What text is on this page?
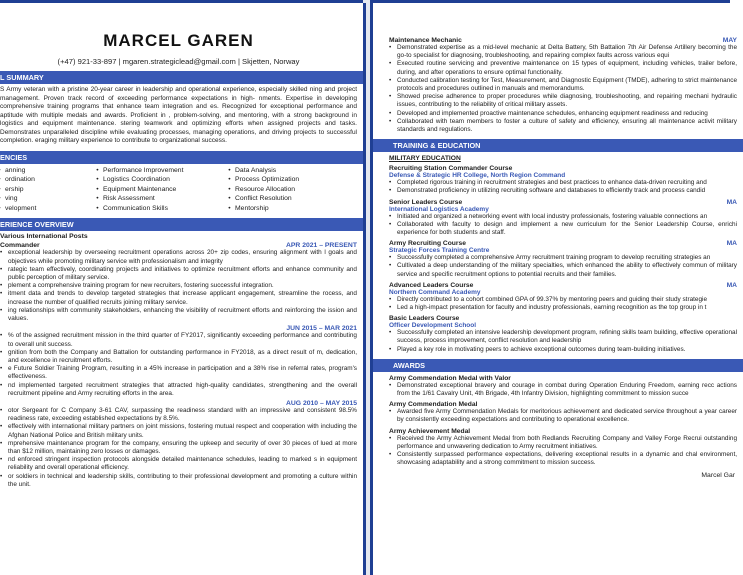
MARCEL GAREN
(+47) 921-33-897 | mgaren.strategiclead@gmail.com | Skjetten, Norway
L SUMMARY
S Army veteran with a pristine 20-year career in leadership and operational experience, especially skilled ning and project management. Proven track record of exceeding performance expectations in high- nments. Expertise in developing comprehensive training programs that enhance team integration and es. Recognized for exceptional performance and aptitude with multiple medals and awards. Proficient in , problem-solving, and mentoring, with a strong background in logistics and equipment maintenance. stering teamwork and optimizing efforts when assigned projects and tasks. Demonstrates unparalleled discipline while evaluating processes, managing operations, and driving projects to successful completion. eraging military experience to contribute to organizational success.
ENCIES
• anning	• Performance Improvement	• Data Analysis
• ordination	• Logistics Coordination	• Process Optimization
• ership	• Equipment Maintenance	• Resource Allocation
• ving	• Risk Assessment	• Conflict Resolution
• velopment	• Communication Skills	• Mentorship
ERIENCE OVERVIEW
Various International Posts
Commander	APR 2021 – PRESENT
• exceptional leadership by overseeing recruitment operations across 20+ zip codes, ensuring alignment with l goals and objectives while promoting military service with professionalism and integrity
• rategic team effectively, coordinating projects and initiatives to optimize recruitment efforts and enhance community and public perception of military service.
• plement a comprehensive training program for new recruiters, fostering successful integration.
• itment data and trends to develop targeted strategies that increase applicant engagement, streamline the rocess, and increase the number of qualified recruits joining military service.
• ing relationships with community stakeholders, enhancing the visibility of recruitment efforts and reinforcing the ission and values.
JUN 2015 – MAR 2021
• % of the assigned recruitment mission in the third quarter of FY2017, significantly exceeding performance and contributing to overall unit success.
• gnition from both the Company and Battalion for outstanding performance in FY2018, as a direct result of m, dedication, and excellence in recruitment efforts.
• e Future Soldier Training Program, resulting in a 45% increase in participation and a 38% rise in referral rates, program's effectiveness.
• nd implemented targeted recruitment strategies that attracted high-quality candidates, strengthening and the overall recruitment pipeline and Army recruiting efforts in the area.
AUG 2010 – MAY 2015
• otor Sergeant for C Company 3-61 CAV, surpassing the readiness standard with an impressive and consistent 98.5% readiness rate, exceeding established expectations by 8.5%.
• effectively with international military partners on joint missions, fostering mutual respect and cooperation with including the Afghan National Police and British military units.
• mprehensive maintenance program for the company, ensuring the upkeep and security of over 30 pieces of lued at more than $12 million, maintaining zero losses or damages.
• nd enforced stringent inspection protocols alongside detailed maintenance schedules, leading to marked s in equipment reliability and overall operational efficiency.
• or soldiers in technical and leadership skills, contributing to their professional development and promoting a culture within the unit.
Maintenance Mechanic	MAY
• Demonstrated expertise as a mid-level mechanic at Delta Battery, 5th Battalion 7th Air Defense Artillery becoming the go-to specialist for diagnosing, troubleshooting, and repairing complex faults across various equi
• Executed routine servicing and preventive maintenance on 15 types of equipment, including vehicles, trailer before, during, and after operations to ensure optimal functionality.
• Conducted calibration testing for Test, Measurement, and Diagnostic Equipment (TMDE), adhering to strict maintenance protocols and procedures outlined in manuals and memorandums.
• Showed precise adherence to proper procedures while diagnosing, troubleshooting, and repairing mechani hydraulic issues, contributing to the reliability of critical military assets.
• Developed and implemented proactive maintenance schedules, enhancing equipment readiness and reducing
• Collaborated with team members to foster a culture of safety and efficiency, ensuring all maintenance activit military standards and regulations.
TRAINING & EDUCATION
MILITARY EDUCATION
Recruiting Station Commander Course
Defense & Strategic HR College, North Region Command
• Completed rigorous training in recruitment strategies and best practices to enhance data-driven recruiting and
• Demonstrated proficiency in utilizing recruiting software and databases to efficiently track and process candid
Senior Leaders Course	MA
International Logistics Academy
• Initiated and organized a networking event with local industry professionals, fostering valuable connections an
• Collaborated with faculty to design and implement a new curriculum for the Senior Leadership Course, enrichi experience for both students and staff.
Army Recruiting Course	MA
Strategic Forces Training Centre
• Successfully completed a comprehensive Army recruitment training program to develop recruiting strategies an
• Cultivated a deep understanding of the military specialties, which enhanced the ability to effectively commun of military service and specific recruitment options to potential recruits and their families.
Advanced Leaders Course	MA
Northern Command Academy
• Directly contributed to a cohort combined GPA of 99.37% by mentoring peers and guiding their study strategie
• Led a high-impact presentation for faculty and industry professionals, earning recognition as the top group in t
Basic Leaders Course
Officer Development School
• Successfully completed an intensive leadership development program, refining skills team building, effective operational success, process improvement, conflict resolution and leadership
• Played a key role in motivating peers to achieve exceptional outcomes during team-building initiatives.
AWARDS
Army Commendation Medal with Valor
• Demonstrated exceptional bravery and courage in combat during Operation Enduring Freedom, earning recc actions from the 1/61 Cavalry Unit, 4th Brigade, 4th Infantry Division, highlighting commitment to mission succe
Army Commendation Medal
• Awarded five Army Commendation Medals for meritorious achievement and dedicated service throughout a year career by consistently exceeding expectations and contributing to operational excellence.
Army Achievement Medal
• Received the Army Achievement Medal from both Redlands Recruiting Company and Valley Forge Recrui outstanding performance and unwavering dedication to Army recruitment initiatives.
• Consistently surpassed performance expectations, delivering exceptional results in a dynamic and chal environment, showcasing adaptability and a strong commitment to mission success.
Marcel Gar
